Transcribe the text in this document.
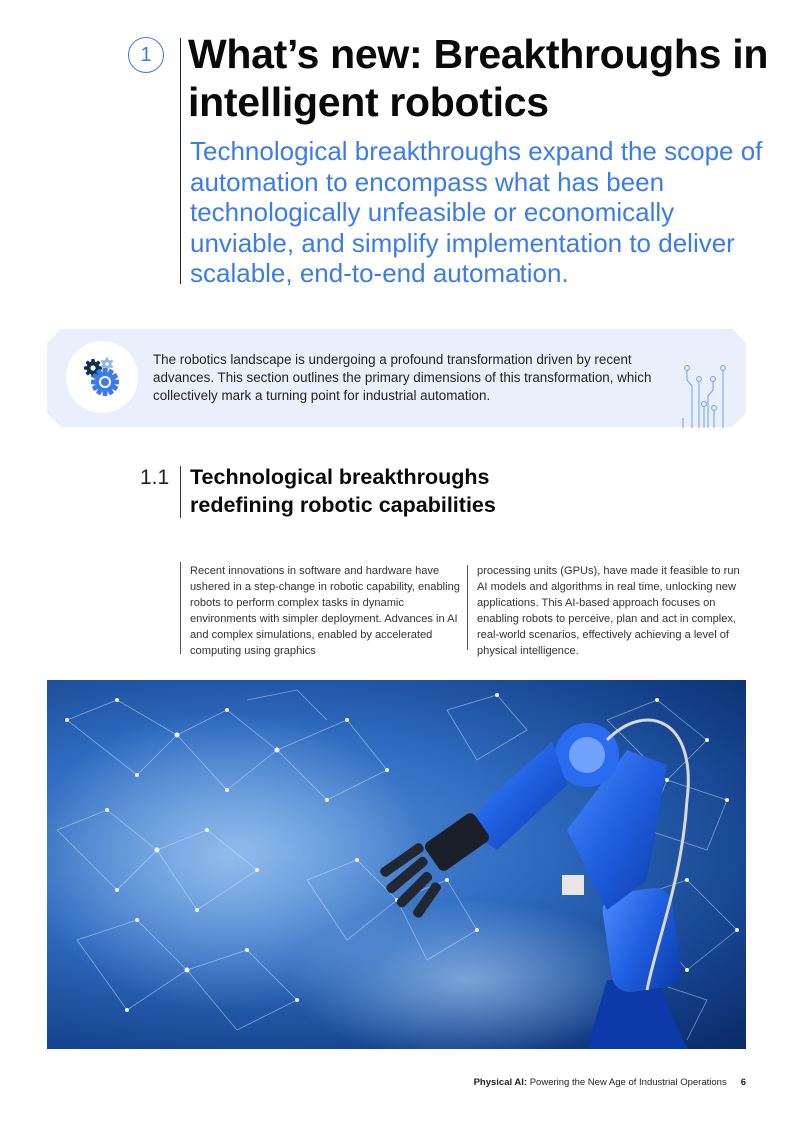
1 What’s new: Breakthroughs in intelligent robotics

Technological breakthroughs expand the scope of automation to encompass what has been technologically unfeasible or economically unviable, and simplify implementation to deliver scalable, end-to-end automation.

The robotics landscape is undergoing a profound transformation driven by recent advances. This section outlines the primary dimensions of this transformation, which collectively mark a turning point for industrial automation.

1.1 Technological breakthroughs redefining robotic capabilities

Recent innovations in software and hardware have ushered in a step-change in robotic capability, enabling robots to perform complex tasks in dynamic environments with simpler deployment. Advances in AI and complex simulations, enabled by accelerated computing using graphics

processing units (GPUs), have made it feasible to run AI models and algorithms in real time, unlocking new applications. This AI-based approach focuses on enabling robots to perceive, plan and act in complex, real-world scenarios, effectively achieving a level of physical intelligence.

Physical AI: Powering the New Age of Industrial Operations 6
